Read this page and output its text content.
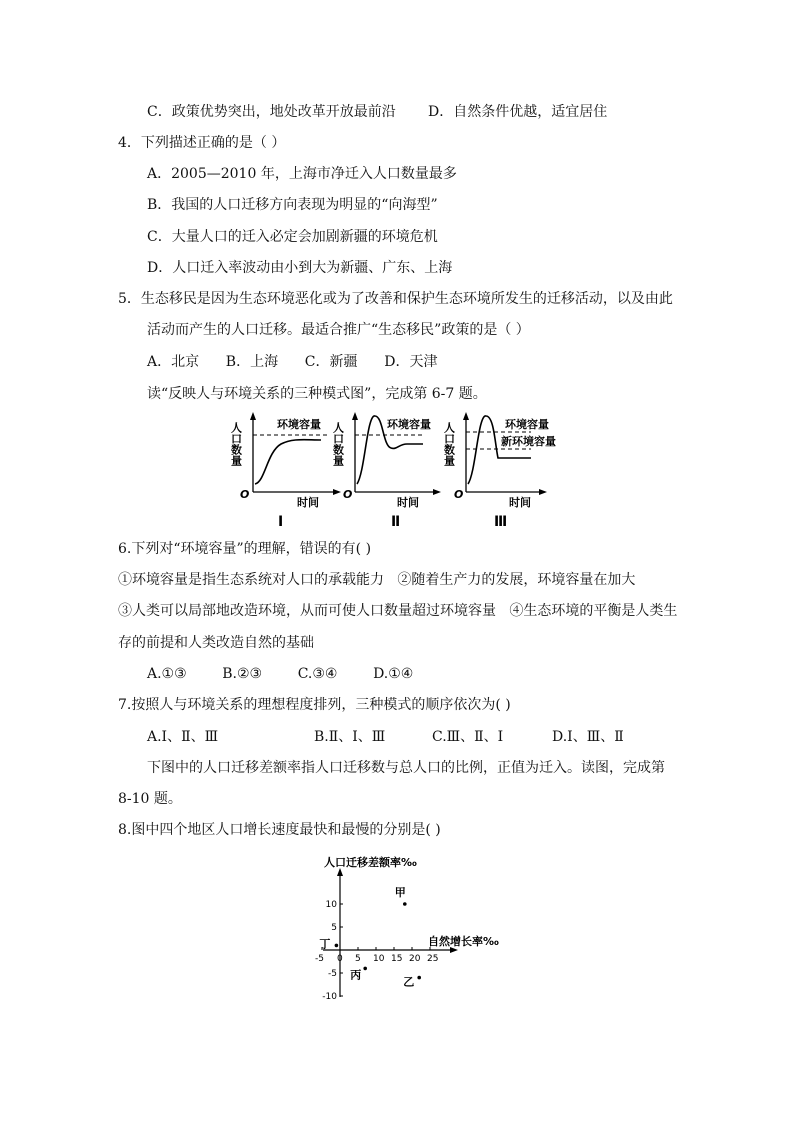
C．政策优势突出，地处改革开放最前沿 D．自然条件优越，适宜居住
4．下列描述正确的是（ ）
A．2005—2010 年，上海市净迁入人口数量最多
B．我国的人口迁移方向表现为明显的“向海型”
C．大量人口的迁入必定会加剧新疆的环境危机
D．人口迁入率波动由小到大为新疆、广东、上海
5．生态移民是因为生态环境恶化或为了改善和保护生态环境所发生的迁移活动，以及由此
活动而产生的人口迁移。最适合推广“生态移民”政策的是（ ）
A．北京      B．上海      C．新疆      D．天津
读“反映人与环境关系的三种模式图”，完成第 6-7 题。
人口数量	环境容量
O
时间
Ⅰ
人口数量	环境容量
O
时间
Ⅱ
人口数量	环境容量
新环境容量
O
时间
Ⅲ
6.下列对“环境容量”的理解，错误的有( )
①环境容量是指生态系统对人口的承载能力   ②随着生产力的发展，环境容量在加大
③人类可以局部地改造环境，从而可使人口数量超过环境容量   ④生态环境的平衡是人类生
存的前提和人类改造自然的基础
A.①③        B.②③        C.③④        D.①④
7.按照人与环境关系的理想程度排列，三种模式的顺序依次为( )
A.Ⅰ、Ⅱ、Ⅲ	B.Ⅱ、Ⅰ、Ⅲ	C.Ⅲ、Ⅱ、Ⅰ	D.Ⅰ、Ⅲ、Ⅱ
下图中的人口迁移差额率指人口迁移数与总人口的比例，正值为迁入。读图，完成第
8-10 题。
8.图中四个地区人口增长速度最快和最慢的分别是( )
人口迁移差额率‰
自然增长率‰
-5 0 5 10 15 20 25
10
5
-5
-10
甲
乙
丙
丁
